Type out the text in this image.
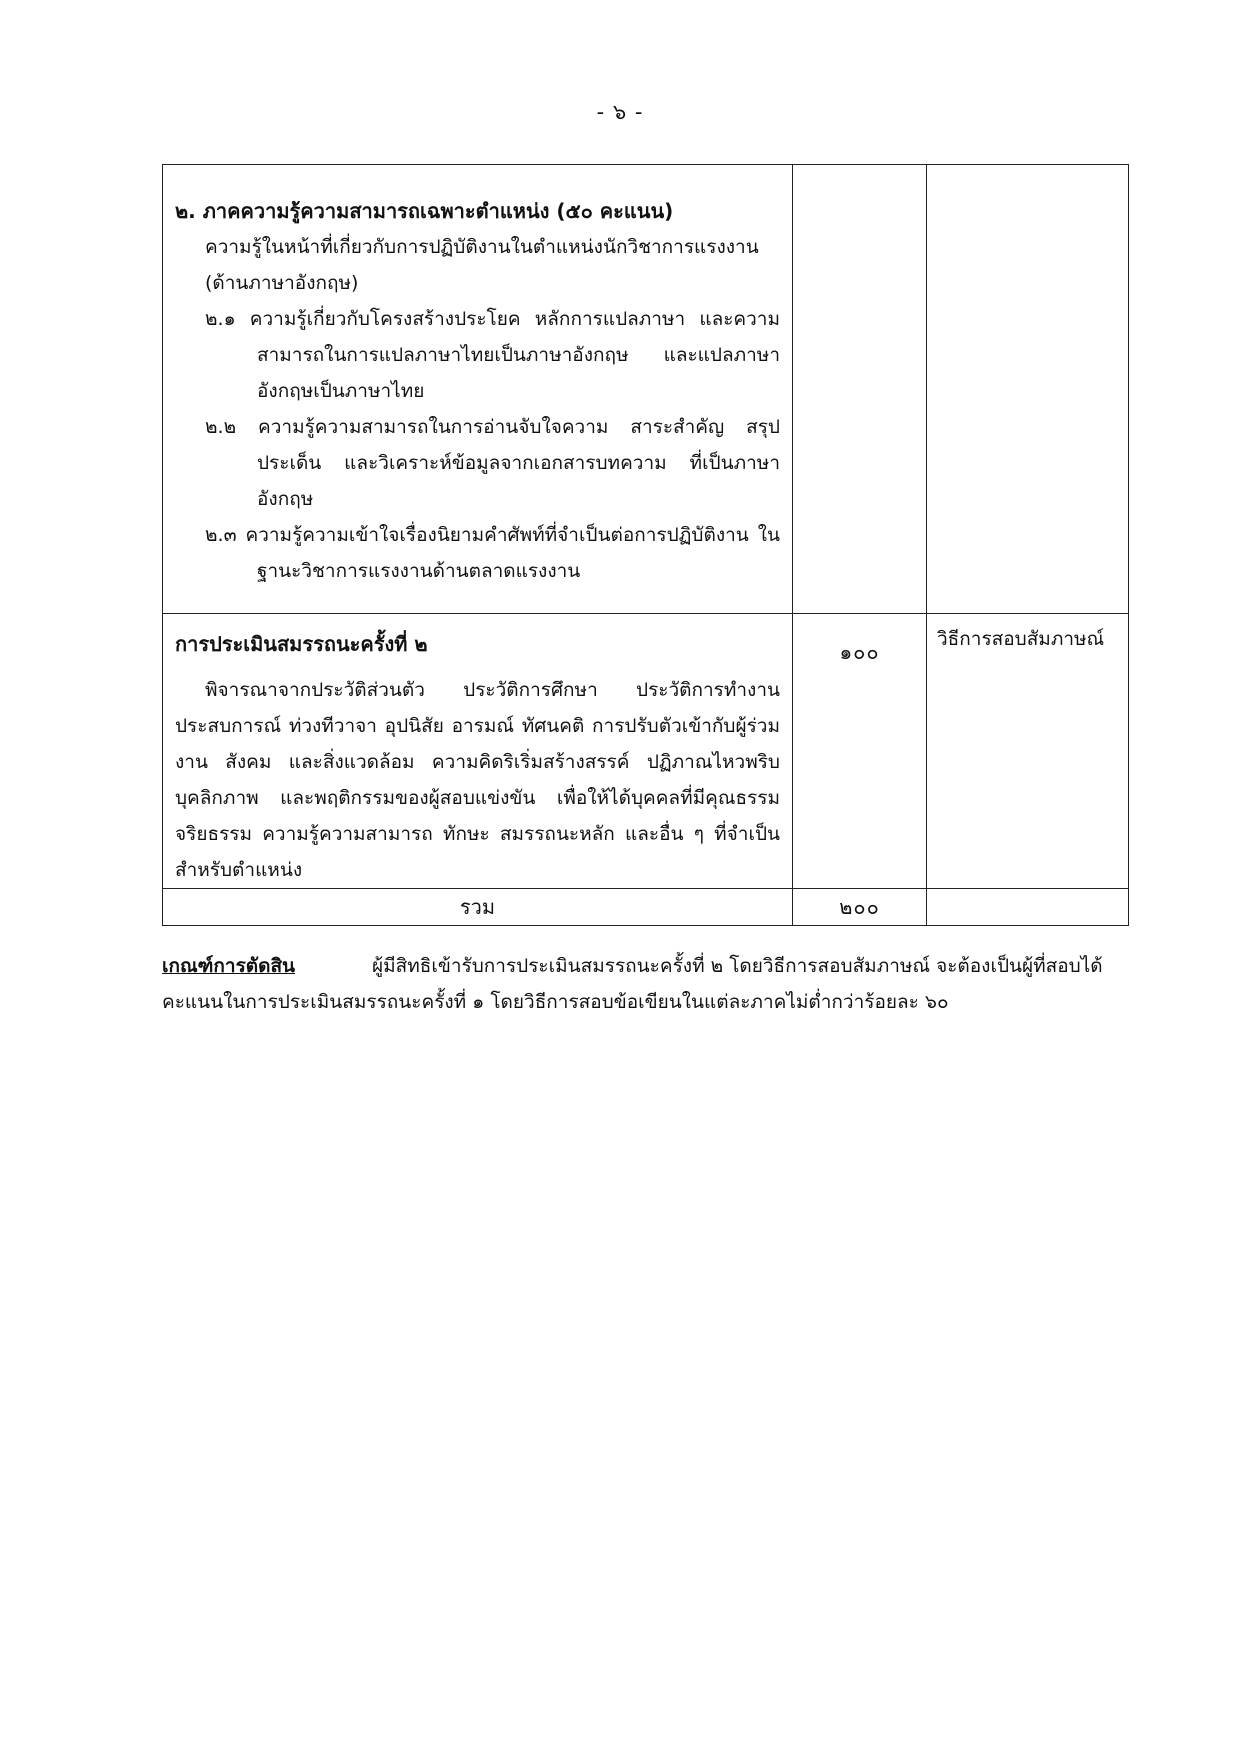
- ๖ -
๒. ภาคความรู้ความสามารถเฉพาะตำแหน่ง (๕๐ คะแนน)
ความรู้ในหน้าที่เกี่ยวกับการปฏิบัติงานในตำแหน่งนักวิชาการแรงงาน (ด้านภาษาอังกฤษ)
๒.๑ ความรู้เกี่ยวกับโครงสร้างประโยค หลักการแปลภาษา และความสามารถในการแปลภาษาไทยเป็นภาษาอังกฤษ และแปลภาษาอังกฤษเป็นภาษาไทย
๒.๒ ความรู้ความสามารถในการอ่านจับใจความ สาระสำคัญ สรุปประเด็น และวิเคราะห์ข้อมูลจากเอกสารบทความ ที่เป็นภาษาอังกฤษ
๒.๓ ความรู้ความเข้าใจเรื่องนิยามคำศัพท์ที่จำเป็นต่อการปฏิบัติงาน ในฐานะวิชาการแรงงานด้านตลาดแรงงาน		

การประเมินสมรรถนะครั้งที่ ๒
พิจารณาจากประวัติส่วนตัว ประวัติการศึกษา ประวัติการทำงาน ประสบการณ์ ท่วงทีวาจา อุปนิสัย อารมณ์ ทัศนคติ การปรับตัวเข้ากับผู้ร่วมงาน สังคม และสิ่งแวดล้อม ความคิดริเริ่มสร้างสรรค์ ปฏิภาณไหวพริบ บุคลิกภาพ และพฤติกรรมของผู้สอบแข่งขัน เพื่อให้ได้บุคคลที่มีคุณธรรม จริยธรรม ความรู้ความสามารถ ทักษะ สมรรถนะหลัก และอื่น ๆ ที่จำเป็นสำหรับตำแหน่ง	๑๐๐	วิธีการสอบสัมภาษณ์

รวม	๒๐๐	

เกณฑ์การตัดสิน	ผู้มีสิทธิเข้ารับการประเมินสมรรถนะครั้งที่ ๒ โดยวิธีการสอบสัมภาษณ์ จะต้องเป็นผู้ที่สอบได้คะแนนในการประเมินสมรรถนะครั้งที่ ๑ โดยวิธีการสอบข้อเขียนในแต่ละภาคไม่ต่ำกว่าร้อยละ ๖๐
